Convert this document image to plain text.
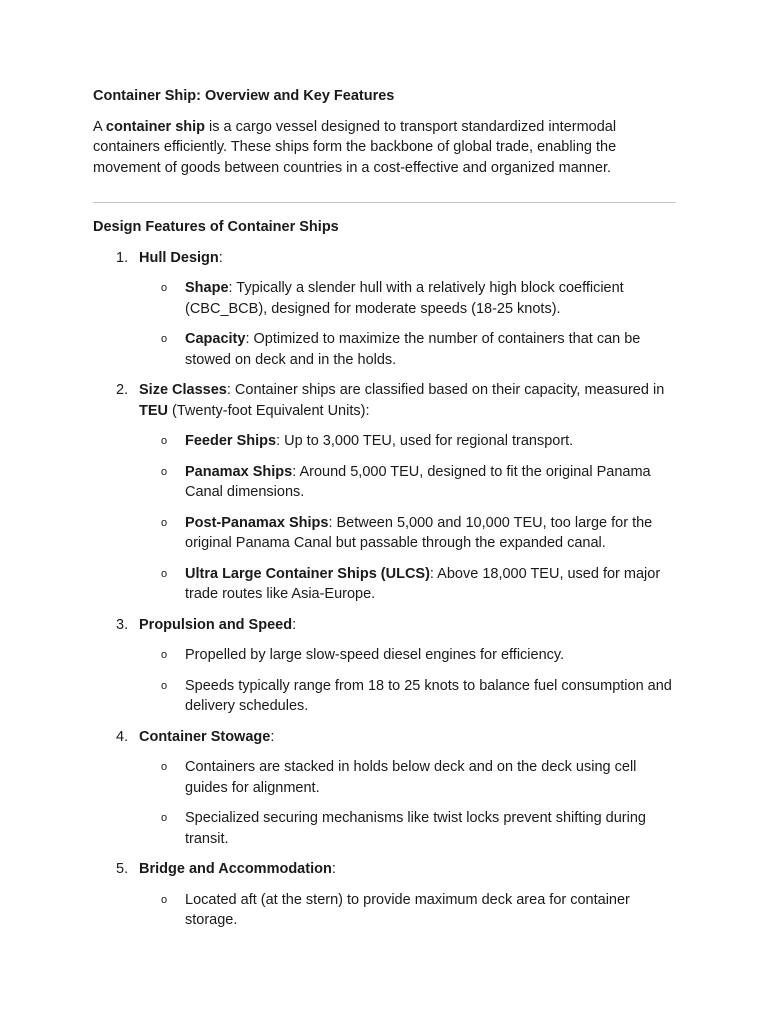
Container Ship: Overview and Key Features

A container ship is a cargo vessel designed to transport standardized intermodal containers efficiently. These ships form the backbone of global trade, enabling the movement of goods between countries in a cost-effective and organized manner.

Design Features of Container Ships

1. Hull Design:

o Shape: Typically a slender hull with a relatively high block coefficient (CBC_BCB), designed for moderate speeds (18-25 knots).
o Capacity: Optimized to maximize the number of containers that can be stowed on deck and in the holds.
2. Size Classes: Container ships are classified based on their capacity, measured in TEU (Twenty-foot Equivalent Units):

o Feeder Ships: Up to 3,000 TEU, used for regional transport.
o Panamax Ships: Around 5,000 TEU, designed to fit the original Panama Canal dimensions.
o Post-Panamax Ships: Between 5,000 and 10,000 TEU, too large for the original Panama Canal but passable through the expanded canal.
o Ultra Large Container Ships (ULCS): Above 18,000 TEU, used for major trade routes like Asia-Europe.
3. Propulsion and Speed:

o Propelled by large slow-speed diesel engines for efficiency.
o Speeds typically range from 18 to 25 knots to balance fuel consumption and delivery schedules.
4. Container Stowage:

o Containers are stacked in holds below deck and on the deck using cell guides for alignment.
o Specialized securing mechanisms like twist locks prevent shifting during transit.
5. Bridge and Accommodation:

o Located aft (at the stern) to provide maximum deck area for container storage.
